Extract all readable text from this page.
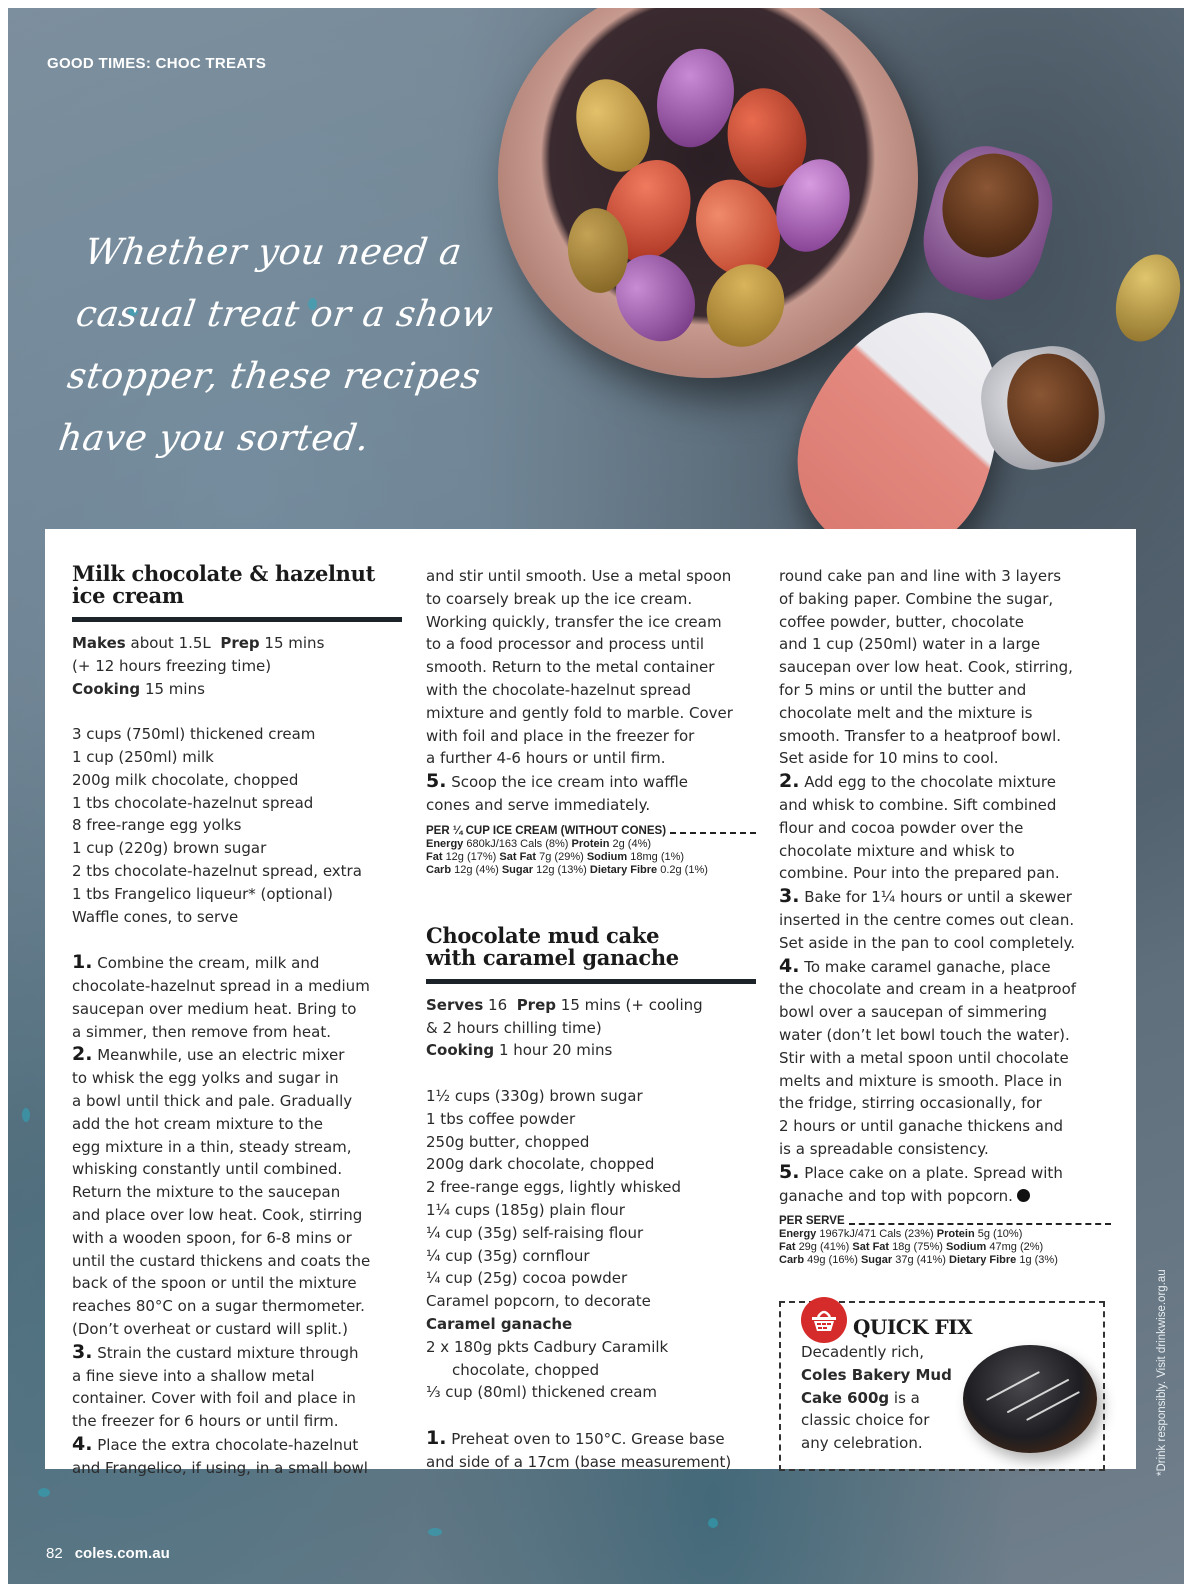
GOOD TIMES: CHOC TREATS
Whether you need a
casual treat or a show
stopper, these recipes
have you sorted.
Milk chocolate & hazelnut
ice cream
Makes about 1.5L Prep 15 mins
(+ 12 hours freezing time)
Cooking 15 mins
3 cups (750ml) thickened cream
1 cup (250ml) milk
200g milk chocolate, chopped
1 tbs chocolate-hazelnut spread
8 free-range egg yolks
1 cup (220g) brown sugar
2 tbs chocolate-hazelnut spread, extra
1 tbs Frangelico liqueur* (optional)
Waffle cones, to serve
1. Combine the cream, milk and
chocolate-hazelnut spread in a medium
saucepan over medium heat. Bring to
a simmer, then remove from heat.
2. Meanwhile, use an electric mixer
to whisk the egg yolks and sugar in
a bowl until thick and pale. Gradually
add the hot cream mixture to the
egg mixture in a thin, steady stream,
whisking constantly until combined.
Return the mixture to the saucepan
and place over low heat. Cook, stirring
with a wooden spoon, for 6-8 mins or
until the custard thickens and coats the
back of the spoon or until the mixture
reaches 80°C on a sugar thermometer.
(Don’t overheat or custard will split.)
3. Strain the custard mixture through
a fine sieve into a shallow metal
container. Cover with foil and place in
the freezer for 6 hours or until firm.
4. Place the extra chocolate-hazelnut
and Frangelico, if using, in a small bowl
and stir until smooth. Use a metal spoon
to coarsely break up the ice cream.
Working quickly, transfer the ice cream
to a food processor and process until
smooth. Return to the metal container
with the chocolate-hazelnut spread
mixture and gently fold to marble. Cover
with foil and place in the freezer for
a further 4-6 hours or until firm.
5. Scoop the ice cream into waffle
cones and serve immediately.
PER ¼ CUP ICE CREAM (WITHOUT CONES)
Energy 680kJ/163 Cals (8%) Protein 2g (4%)
Fat 12g (17%) Sat Fat 7g (29%) Sodium 18mg (1%)
Carb 12g (4%) Sugar 12g (13%) Dietary Fibre 0.2g (1%)
Chocolate mud cake
with caramel ganache
Serves 16 Prep 15 mins (+ cooling
& 2 hours chilling time)
Cooking 1 hour 20 mins
1½ cups (330g) brown sugar
1 tbs coffee powder
250g butter, chopped
200g dark chocolate, chopped
2 free-range eggs, lightly whisked
1¼ cups (185g) plain flour
¼ cup (35g) self-raising flour
¼ cup (35g) cornflour
¼ cup (25g) cocoa powder
Caramel popcorn, to decorate
Caramel ganache
2 x 180g pkts Cadbury Caramilk
chocolate, chopped
⅓ cup (80ml) thickened cream
1. Preheat oven to 150°C. Grease base
and side of a 17cm (base measurement)
round cake pan and line with 3 layers
of baking paper. Combine the sugar,
coffee powder, butter, chocolate
and 1 cup (250ml) water in a large
saucepan over low heat. Cook, stirring,
for 5 mins or until the butter and
chocolate melt and the mixture is
smooth. Transfer to a heatproof bowl.
Set aside for 10 mins to cool.
2. Add egg to the chocolate mixture
and whisk to combine. Sift combined
flour and cocoa powder over the
chocolate mixture and whisk to
combine. Pour into the prepared pan.
3. Bake for 1¼ hours or until a skewer
inserted in the centre comes out clean.
Set aside in the pan to cool completely.
4. To make caramel ganache, place
the chocolate and cream in a heatproof
bowl over a saucepan of simmering
water (don’t let bowl touch the water).
Stir with a metal spoon until chocolate
melts and mixture is smooth. Place in
the fridge, stirring occasionally, for
2 hours or until ganache thickens and
is a spreadable consistency.
5. Place cake on a plate. Spread with
ganache and top with popcorn.
PER SERVE
Energy 1967kJ/471 Cals (23%) Protein 5g (10%)
Fat 29g (41%) Sat Fat 18g (75%) Sodium 47mg (2%)
Carb 49g (16%) Sugar 37g (41%) Dietary Fibre 1g (3%)
QUICK FIX
Decadently rich,
Coles Bakery Mud
Cake 600g is a
classic choice for
any celebration.	*Drink responsibly. Visit drinkwise.org.au
82 coles.com.au
